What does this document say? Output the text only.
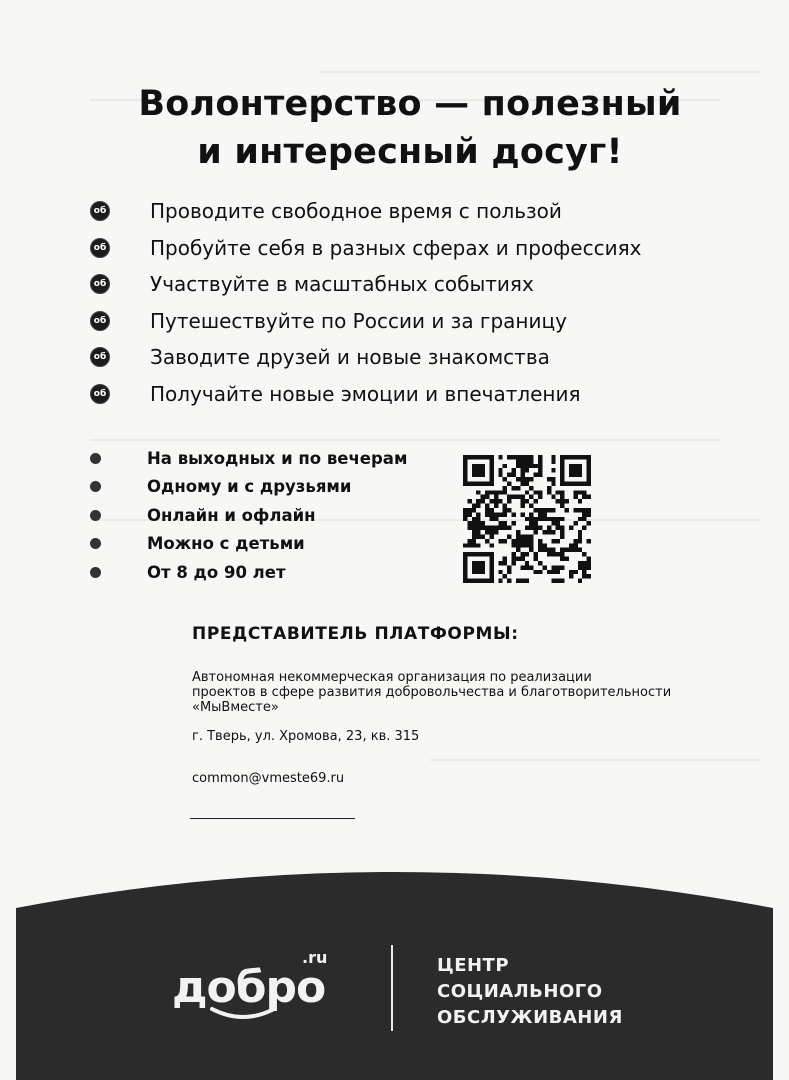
Волонтерство — полезный
и интересный досуг!
об Проводите свободное время с пользой
об Пробуйте себя в разных сферах и профессиях
об Участвуйте в масштабных событиях
об Путешествуйте по России и за границу
об Заводите друзей и новые знакомства
об Получайте новые эмоции и впечатления
На выходных и по вечерам
Одному и с друзьями
Онлайн и офлайн
Можно с детьми
От 8 до 90 лет
ПРЕДСТАВИТЕЛЬ ПЛАТФОРМЫ:
Автономная некоммерческая организация по реализации
проектов в сфере развития добровольчества и благотворительности
«МыВместе»
г. Тверь, ул. Хромова, 23, кв. 315
common@vmeste69.ru
добро
.ru	ЦЕНТР
СОЦИАЛЬНОГО
ОБСЛУЖИВАНИЯ
